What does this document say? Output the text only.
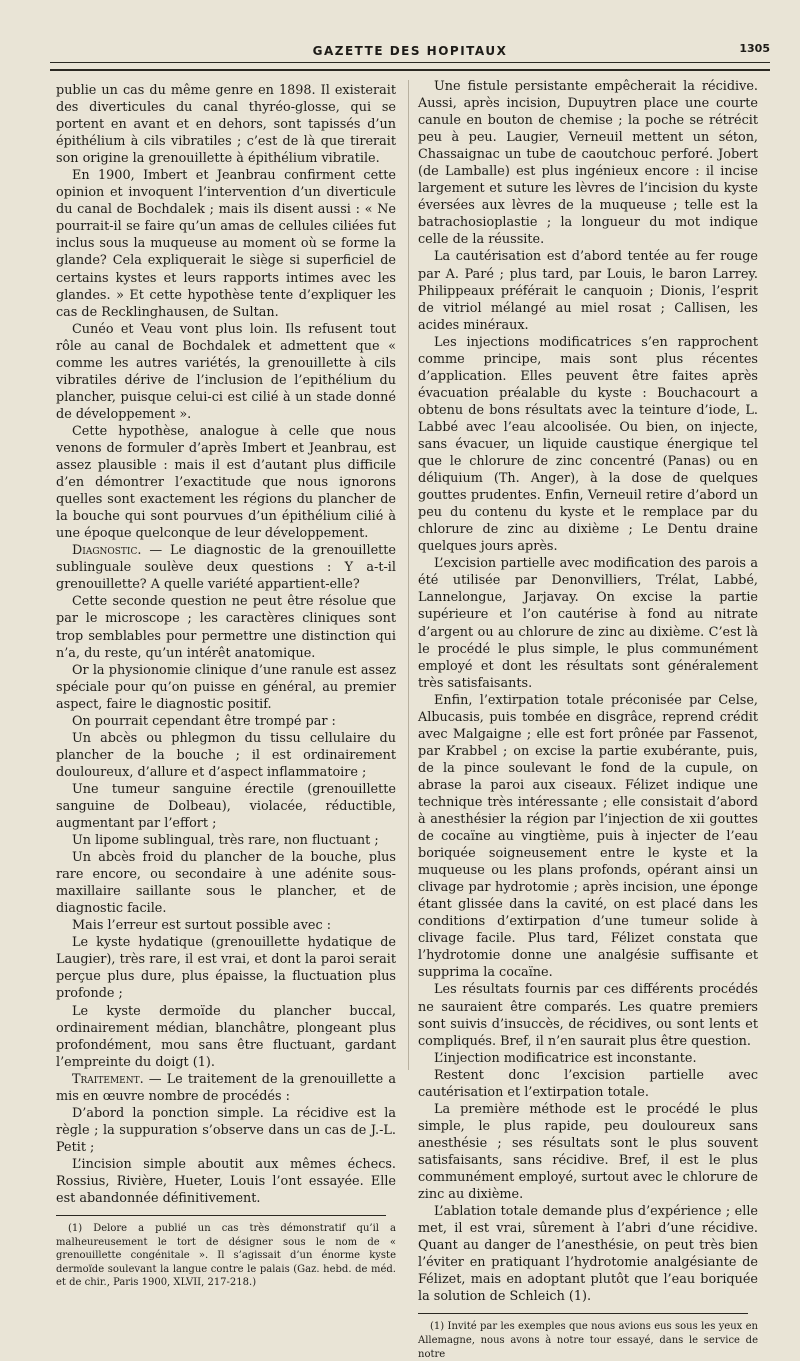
GAZETTE DES HOPITAUX	1305

publie un cas du même genre en 1898. Il existerait des diverticules du canal thyréo-glosse, qui se portent en avant et en dehors, sont tapissés d’un épithélium à cils vibratiles ; c’est de là que tirerait son origine la grenouillette à épithélium vibratile.

En 1900, Imbert et Jeanbrau confirment cette opinion et invoquent l’intervention d’un diverticule du canal de Bochdalek ; mais ils disent aussi : « Ne pourrait-il se faire qu’un amas de cellules ciliées fut inclus sous la muqueuse au moment où se forme la glande? Cela expliquerait le siège si superficiel de certains kystes et leurs rapports intimes avec les glandes. » Et cette hypothèse tente d’expliquer les cas de Recklinghausen, de Sultan.

Cunéo et Veau vont plus loin. Ils refusent tout rôle au canal de Bochdalek et admettent que « comme les autres variétés, la grenouillette à cils vibratiles dérive de l’inclusion de l’epithélium du plancher, puisque celui-ci est cilié à un stade donné de développement ».

Cette hypothèse, analogue à celle que nous venons de formuler d’après Imbert et Jeanbrau, est assez plausible : mais il est d’autant plus difficile d’en démontrer l’exactitude que nous ignorons quelles sont exactement les régions du plancher de la bouche qui sont pourvues d’un épithélium cilié à une époque quelconque de leur développement.

Diagnostic. — Le diagnostic de la grenouillette sublinguale soulève deux questions : Y a-t-il grenouillette? A quelle variété appartient-elle?

Cette seconde question ne peut être résolue que par le microscope ; les caractères cliniques sont trop semblables pour permettre une distinction qui n’a, du reste, qu’un intérêt anatomique.

Or la physionomie clinique d’une ranule est assez spéciale pour qu’on puisse en général, au premier aspect, faire le diagnostic positif.

On pourrait cependant être trompé par :

Un abcès ou phlegmon du tissu cellulaire du plancher de la bouche ; il est ordinairement douloureux, d’allure et d’aspect inflammatoire ;

Une tumeur sanguine érectile (grenouillette sanguine de Dolbeau), violacée, réductible, augmentant par l’effort ;

Un lipome sublingual, très rare, non fluctuant ;

Un abcès froid du plancher de la bouche, plus rare encore, ou secondaire à une adénite sous-maxillaire saillante sous le plancher, et de diagnostic facile.

Mais l’erreur est surtout possible avec :

Le kyste hydatique (grenouillette hydatique de Laugier), très rare, il est vrai, et dont la paroi serait perçue plus dure, plus épaisse, la fluctuation plus profonde ;

Le kyste dermoïde du plancher buccal, ordinairement médian, blanchâtre, plongeant plus profondément, mou sans être fluctuant, gardant l’empreinte du doigt (1).

Traitement. — Le traitement de la grenouillette a mis en œuvre nombre de procédés :

D’abord la ponction simple. La récidive est la règle ; la suppuration s’observe dans un cas de J.-L. Petit ;

L’incision simple aboutit aux mêmes échecs. Rossius, Rivière, Hueter, Louis l’ont essayée. Elle est abandonnée définitivement.

(1) Delore a publié un cas très démonstratif qu’il a malheureusement le tort de désigner sous le nom de « grenouillette congénitale ». Il s’agissait d’un énorme kyste dermoïde soulevant la langue contre le palais (Gaz. hebd. de méd. et de chir., Paris 1900, XLVII, 217-218.)

Une fistule persistante empêcherait la récidive. Aussi, après incision, Dupuytren place une courte canule en bouton de chemise ; la poche se rétrécit peu à peu. Laugier, Verneuil mettent un séton, Chassaignac un tube de caoutchouc perforé. Jobert (de Lamballe) est plus ingénieux encore : il incise largement et suture les lèvres de l’incision du kyste éversées aux lèvres de la muqueuse ; telle est la batrachosioplastie ; la longueur du mot indique celle de la réussite.

La cautérisation est d’abord tentée au fer rouge par A. Paré ; plus tard, par Louis, le baron Larrey. Philippeaux préférait le canquoin ; Dionis, l’esprit de vitriol mélangé au miel rosat ; Callisen, les acides minéraux.

Les injections modificatrices s’en rapprochent comme principe, mais sont plus récentes d’application. Elles peuvent être faites après évacuation préalable du kyste : Bouchacourt a obtenu de bons résultats avec la teinture d’iode, L. Labbé avec l’eau alcoolisée. Ou bien, on injecte, sans évacuer, un liquide caustique énergique tel que le chlorure de zinc concentré (Panas) ou en déliquium (Th. Anger), à la dose de quelques gouttes prudentes. Enfin, Verneuil retire d’abord un peu du contenu du kyste et le remplace par du chlorure de zinc au dixième ; Le Dentu draine quelques jours après.

L’excision partielle avec modification des parois a été utilisée par Denonvilliers, Trélat, Labbé, Lannelongue, Jarjavay. On excise la partie supérieure et l’on cautérise à fond au nitrate d’argent ou au chlorure de zinc au dixième. C’est là le procédé le plus simple, le plus communément employé et dont les résultats sont généralement très satisfaisants.

Enfin, l’extirpation totale préconisée par Celse, Albucasis, puis tombée en disgrâce, reprend crédit avec Malgaigne ; elle est fort prônée par Fassenot, par Krabbel ; on excise la partie exubérante, puis, de la pince soulevant le fond de la cupule, on abrase la paroi aux ciseaux. Félizet indique une technique très intéressante ; elle consistait d’abord à anesthésier la région par l’injection de xii gouttes de cocaïne au vingtième, puis à injecter de l’eau boriquée soigneusement entre le kyste et la muqueuse ou les plans profonds, opérant ainsi un clivage par hydrotomie ; après incision, une éponge étant glissée dans la cavité, on est placé dans les conditions d’extirpation d’une tumeur solide à clivage facile. Plus tard, Félizet constata que l’hydrotomie donne une analgésie suffisante et supprima la cocaïne.

Les résultats fournis par ces différents procédés ne sauraient être comparés. Les quatre premiers sont suivis d’insuccès, de récidives, ou sont lents et compliqués. Bref, il n’en saurait plus être question.

L’injection modificatrice est inconstante.

Restent donc l’excision partielle avec cautérisation et l’extirpation totale.

La première méthode est le procédé le plus simple, le plus rapide, peu douloureux sans anesthésie ; ses résultats sont le plus souvent satisfaisants, sans récidive. Bref, il est le plus communément employé, surtout avec le chlorure de zinc au dixième.

L’ablation totale demande plus d’expérience ; elle met, il est vrai, sûrement à l’abri d’une récidive. Quant au danger de l’anesthésie, on peut très bien l’éviter en pratiquant l’hydrotomie analgésiante de Félizet, mais en adoptant plutôt que l’eau boriquée la solution de Schleich (1).

(1) Invité par les exemples que nous avions eus sous les yeux en Allemagne, nous avons à notre tour essayé, dans le service de notre
